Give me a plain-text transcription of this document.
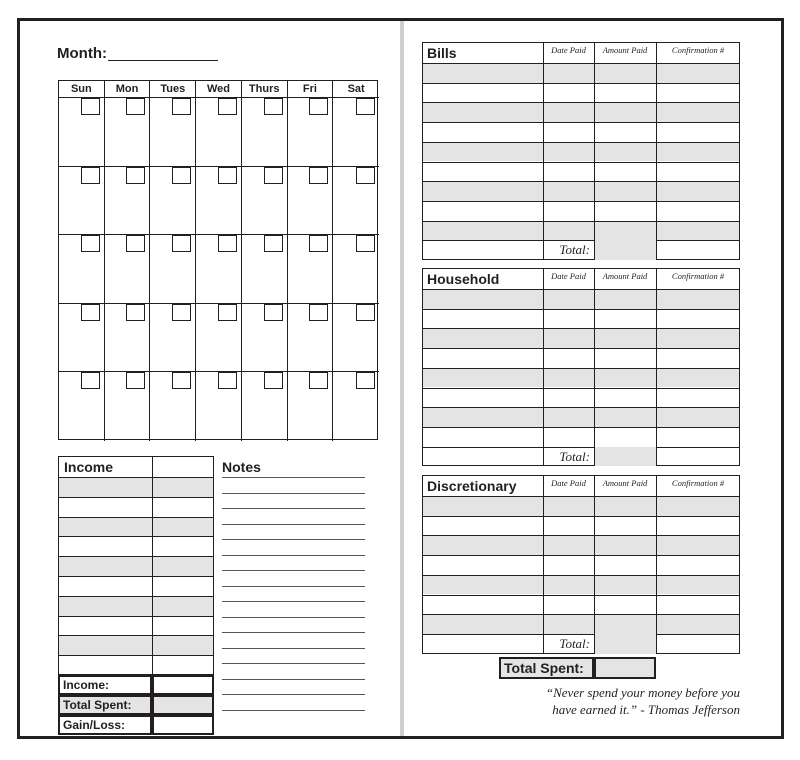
Month:
Sun	Mon	Tues	Wed	Thurs	Fri	Sat
Income
Income:
Total Spent:
Gain/Loss:
Notes
Bills	Date Paid	Amount Paid	Confirmation #
Total:
Household	Date Paid	Amount Paid	Confirmation #
Total:
Discretionary	Date Paid	Amount Paid	Confirmation #
Total:
Total Spent:
“Never spend your money before you
have earned it.” - Thomas Jefferson
